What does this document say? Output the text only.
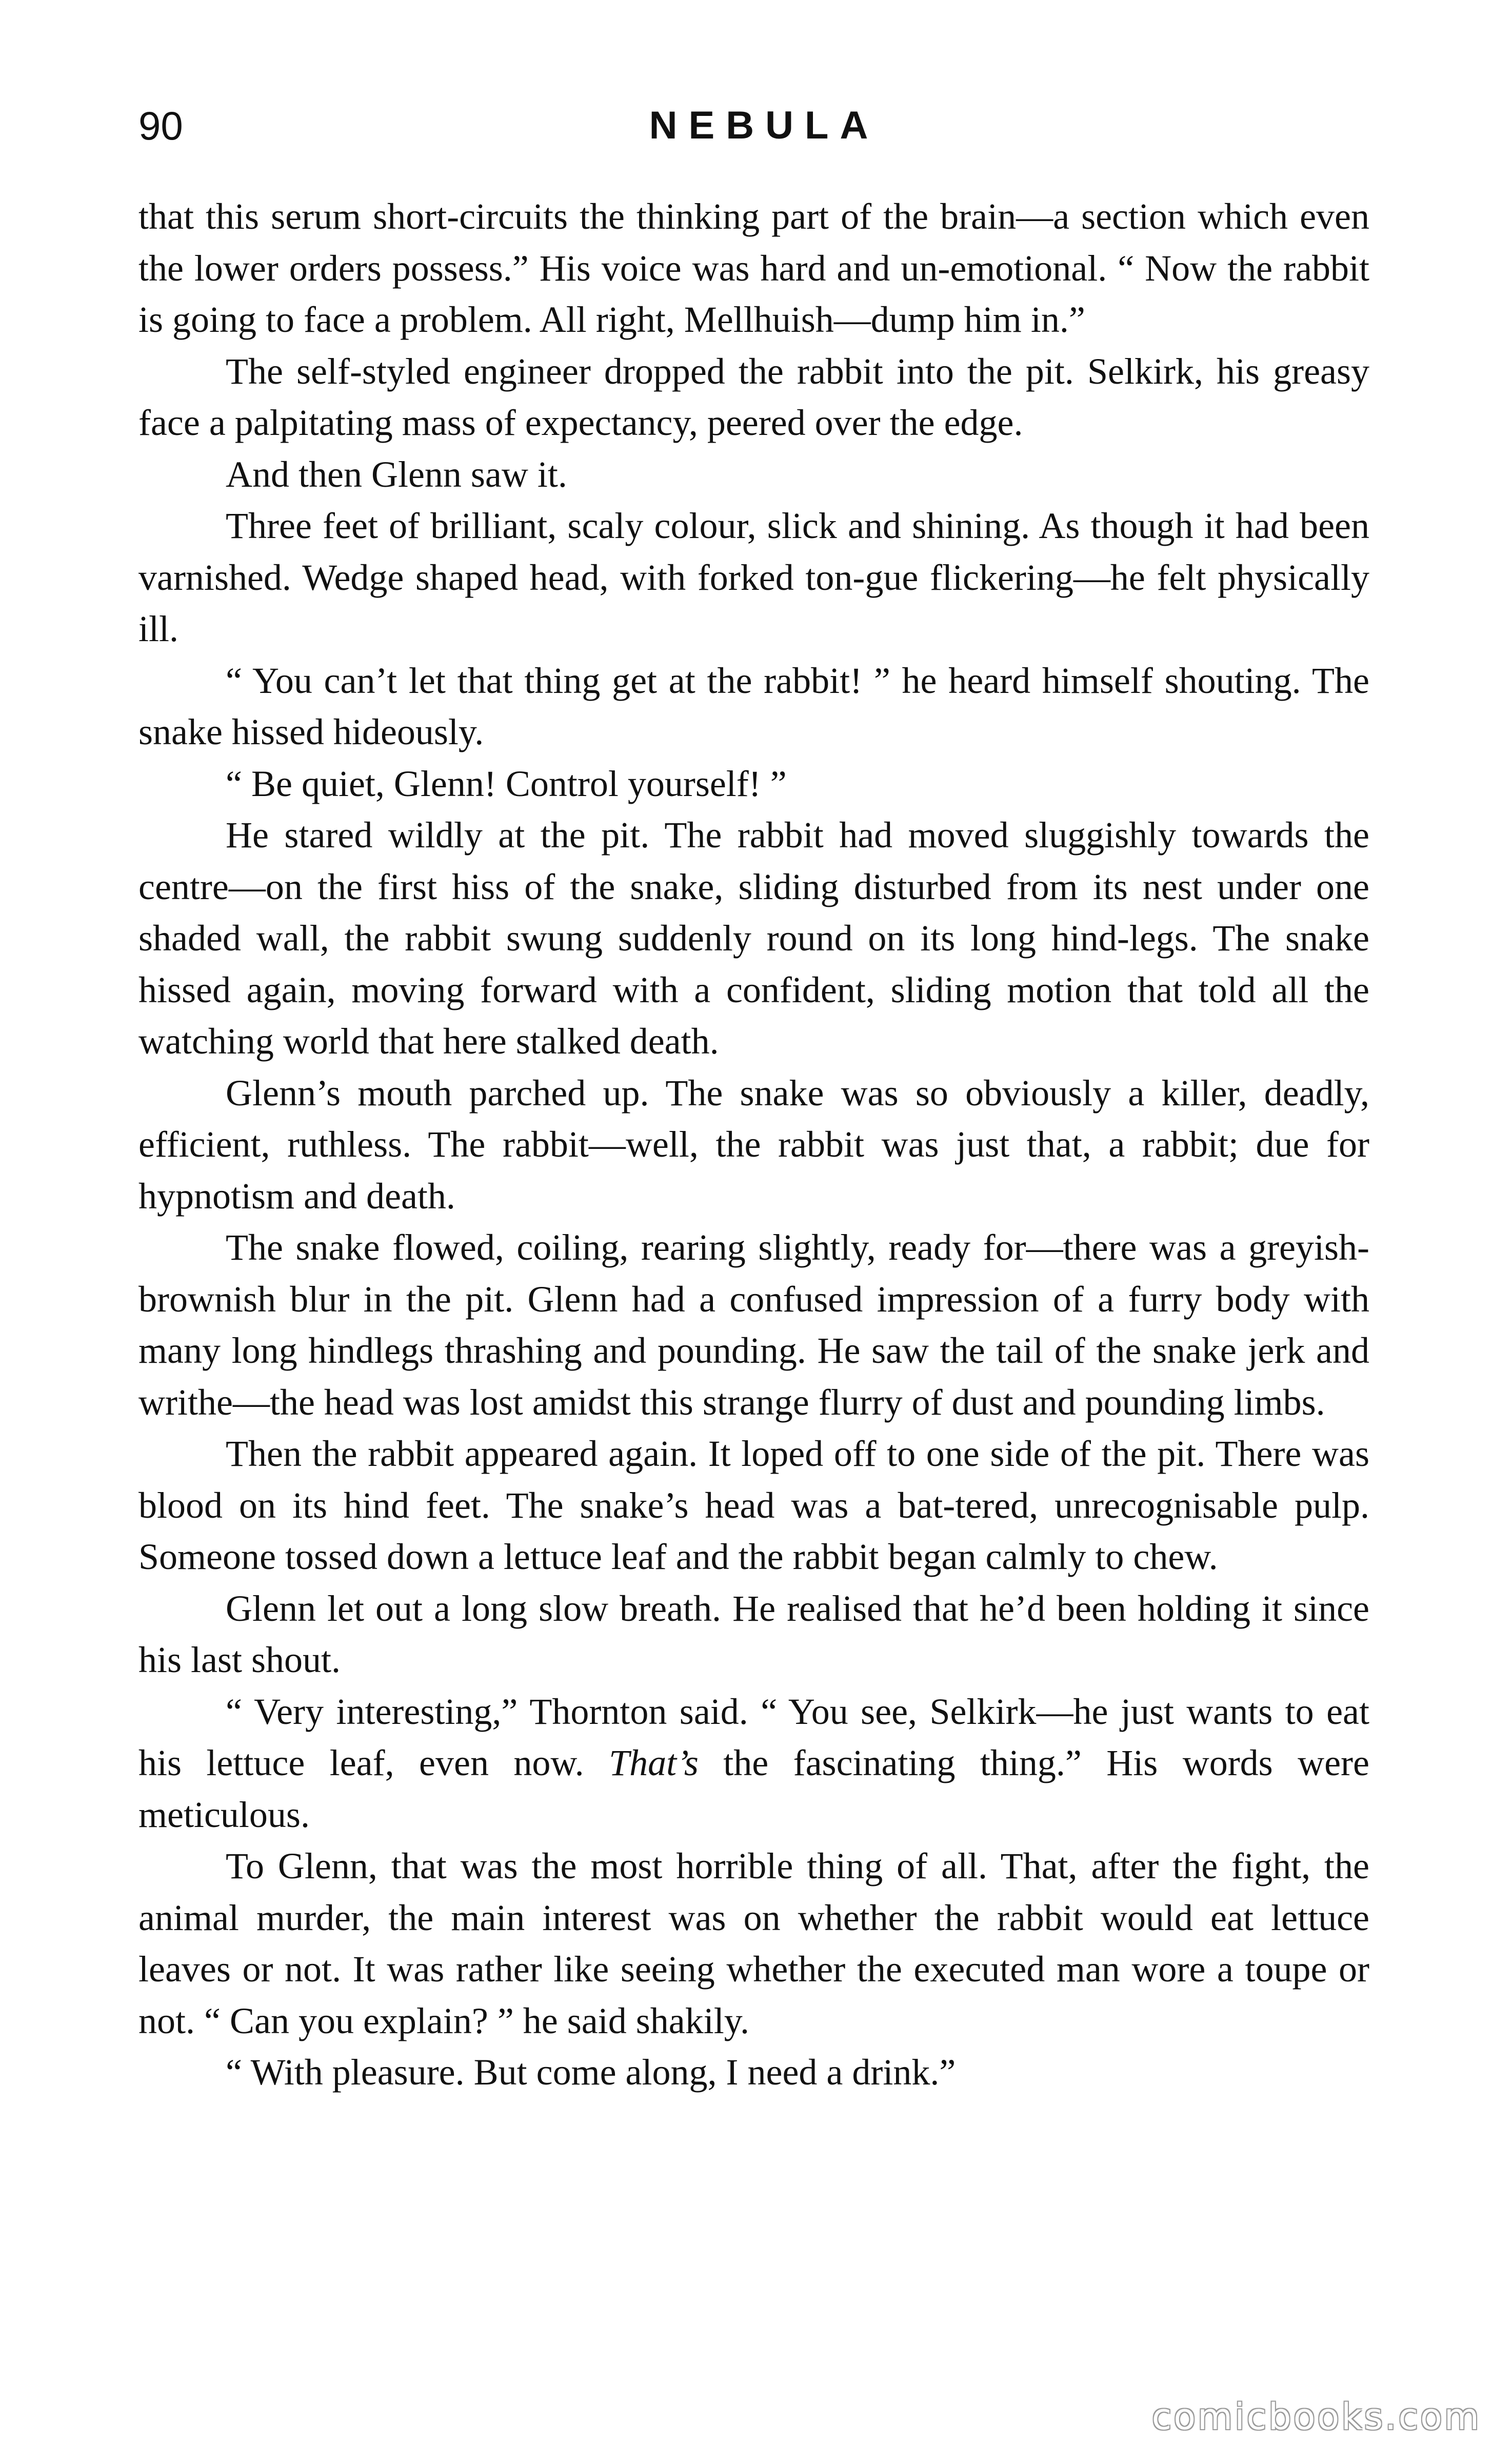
90	NEBULA

that this serum short-circuits the thinking part of the brain—a section which even the lower orders possess.” His voice was hard and un-emotional. “ Now the rabbit is going to face a problem. All right, Mellhuish—dump him in.”

The self-styled engineer dropped the rabbit into the pit. Selkirk, his greasy face a palpitating mass of expectancy, peered over the edge.

And then Glenn saw it.

Three feet of brilliant, scaly colour, slick and shining. As though it had been varnished. Wedge shaped head, with forked ton-gue flickering—he felt physically ill.

“ You can’t let that thing get at the rabbit! ” he heard himself shouting. The snake hissed hideously.

“ Be quiet, Glenn! Control yourself! ”

He stared wildly at the pit. The rabbit had moved sluggishly towards the centre—on the first hiss of the snake, sliding disturbed from its nest under one shaded wall, the rabbit swung suddenly round on its long hind-legs. The snake hissed again, moving forward with a confident, sliding motion that told all the watching world that here stalked death.

Glenn’s mouth parched up. The snake was so obviously a killer, deadly, efficient, ruthless. The rabbit—well, the rabbit was just that, a rabbit; due for hypnotism and death.

The snake flowed, coiling, rearing slightly, ready for—there was a greyish-brownish blur in the pit. Glenn had a confused impression of a furry body with many long hindlegs thrashing and pounding. He saw the tail of the snake jerk and writhe—the head was lost amidst this strange flurry of dust and pounding limbs.

Then the rabbit appeared again. It loped off to one side of the pit. There was blood on its hind feet. The snake’s head was a bat-tered, unrecognisable pulp. Someone tossed down a lettuce leaf and the rabbit began calmly to chew.

Glenn let out a long slow breath. He realised that he’d been holding it since his last shout.

“ Very interesting,” Thornton said. “ You see, Selkirk—he just wants to eat his lettuce leaf, even now. That’s the fascinating thing.” His words were meticulous.

To Glenn, that was the most horrible thing of all. That, after the fight, the animal murder, the main interest was on whether the rabbit would eat lettuce leaves or not. It was rather like seeing whether the executed man wore a toupe or not. “ Can you explain? ” he said shakily.

“ With pleasure. But come along, I need a drink.”

comicbooks.com
